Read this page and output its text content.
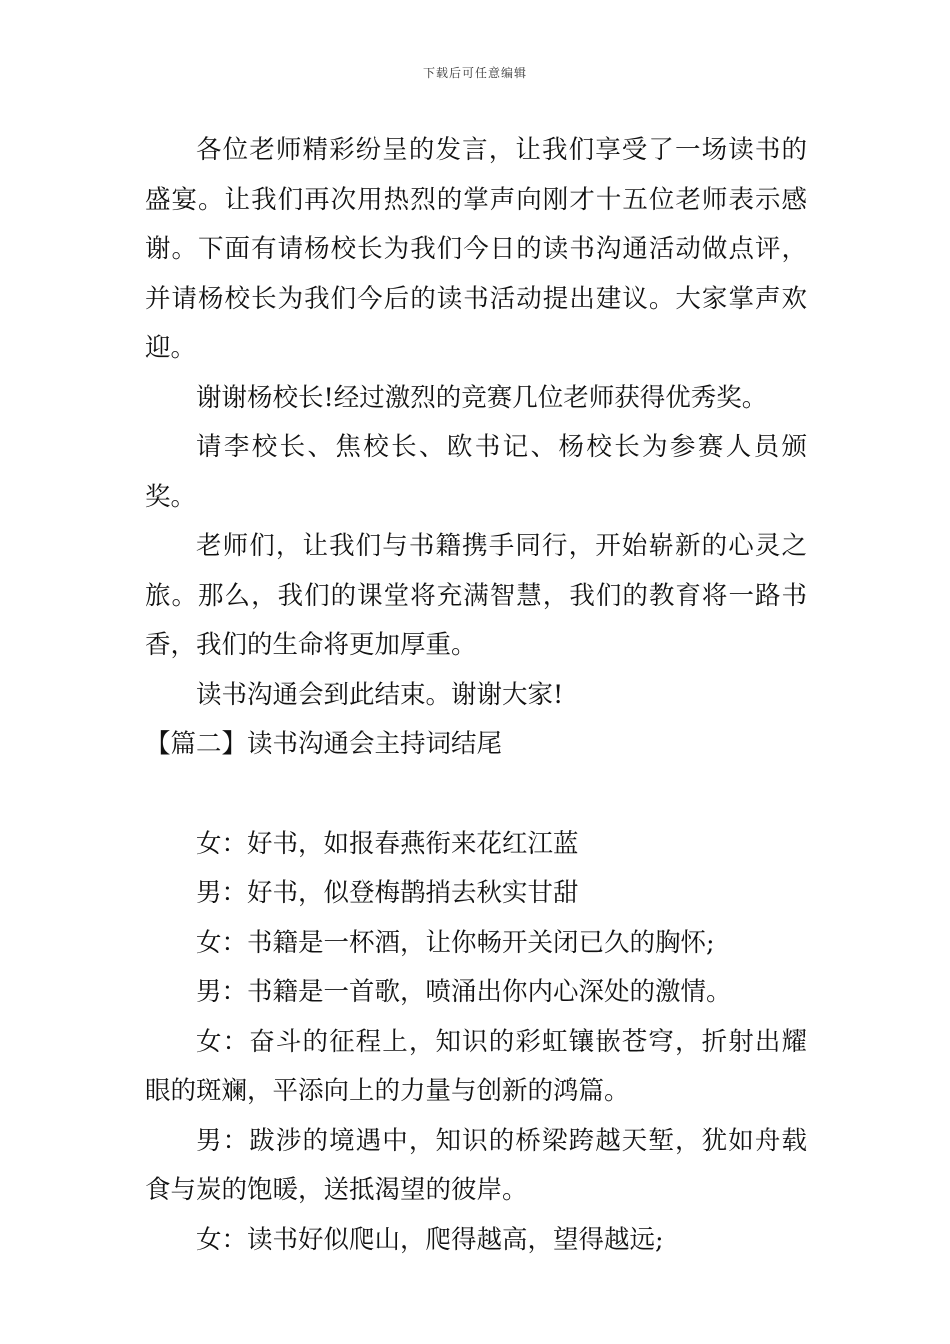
下载后可任意编辑

各位老师精彩纷呈的发言，让我们享受了一场读书的盛宴。让我们再次用热烈的掌声向刚才十五位老师表示感谢。下面有请杨校长为我们今日的读书沟通活动做点评，并请杨校长为我们今后的读书活动提出建议。大家掌声欢迎。

谢谢杨校长!经过激烈的竞赛几位老师获得优秀奖。

请李校长、焦校长、欧书记、杨校长为参赛人员颁奖。

老师们，让我们与书籍携手同行，开始崭新的心灵之旅。那么，我们的课堂将充满智慧，我们的教育将一路书香，我们的生命将更加厚重。

读书沟通会到此结束。谢谢大家!

【篇二】读书沟通会主持词结尾

女：好书，如报春燕衔来花红江蓝

男：好书，似登梅鹊捎去秋实甘甜

女：书籍是一杯酒，让你畅开关闭已久的胸怀;

男：书籍是一首歌，喷涌出你内心深处的激情。

女：奋斗的征程上，知识的彩虹镶嵌苍穹，折射出耀眼的斑斓，平添向上的力量与创新的鸿篇。

男：跋涉的境遇中，知识的桥梁跨越天堑，犹如舟载食与炭的饱暖，送抵渴望的彼岸。

女：读书好似爬山，爬得越高，望得越远;
